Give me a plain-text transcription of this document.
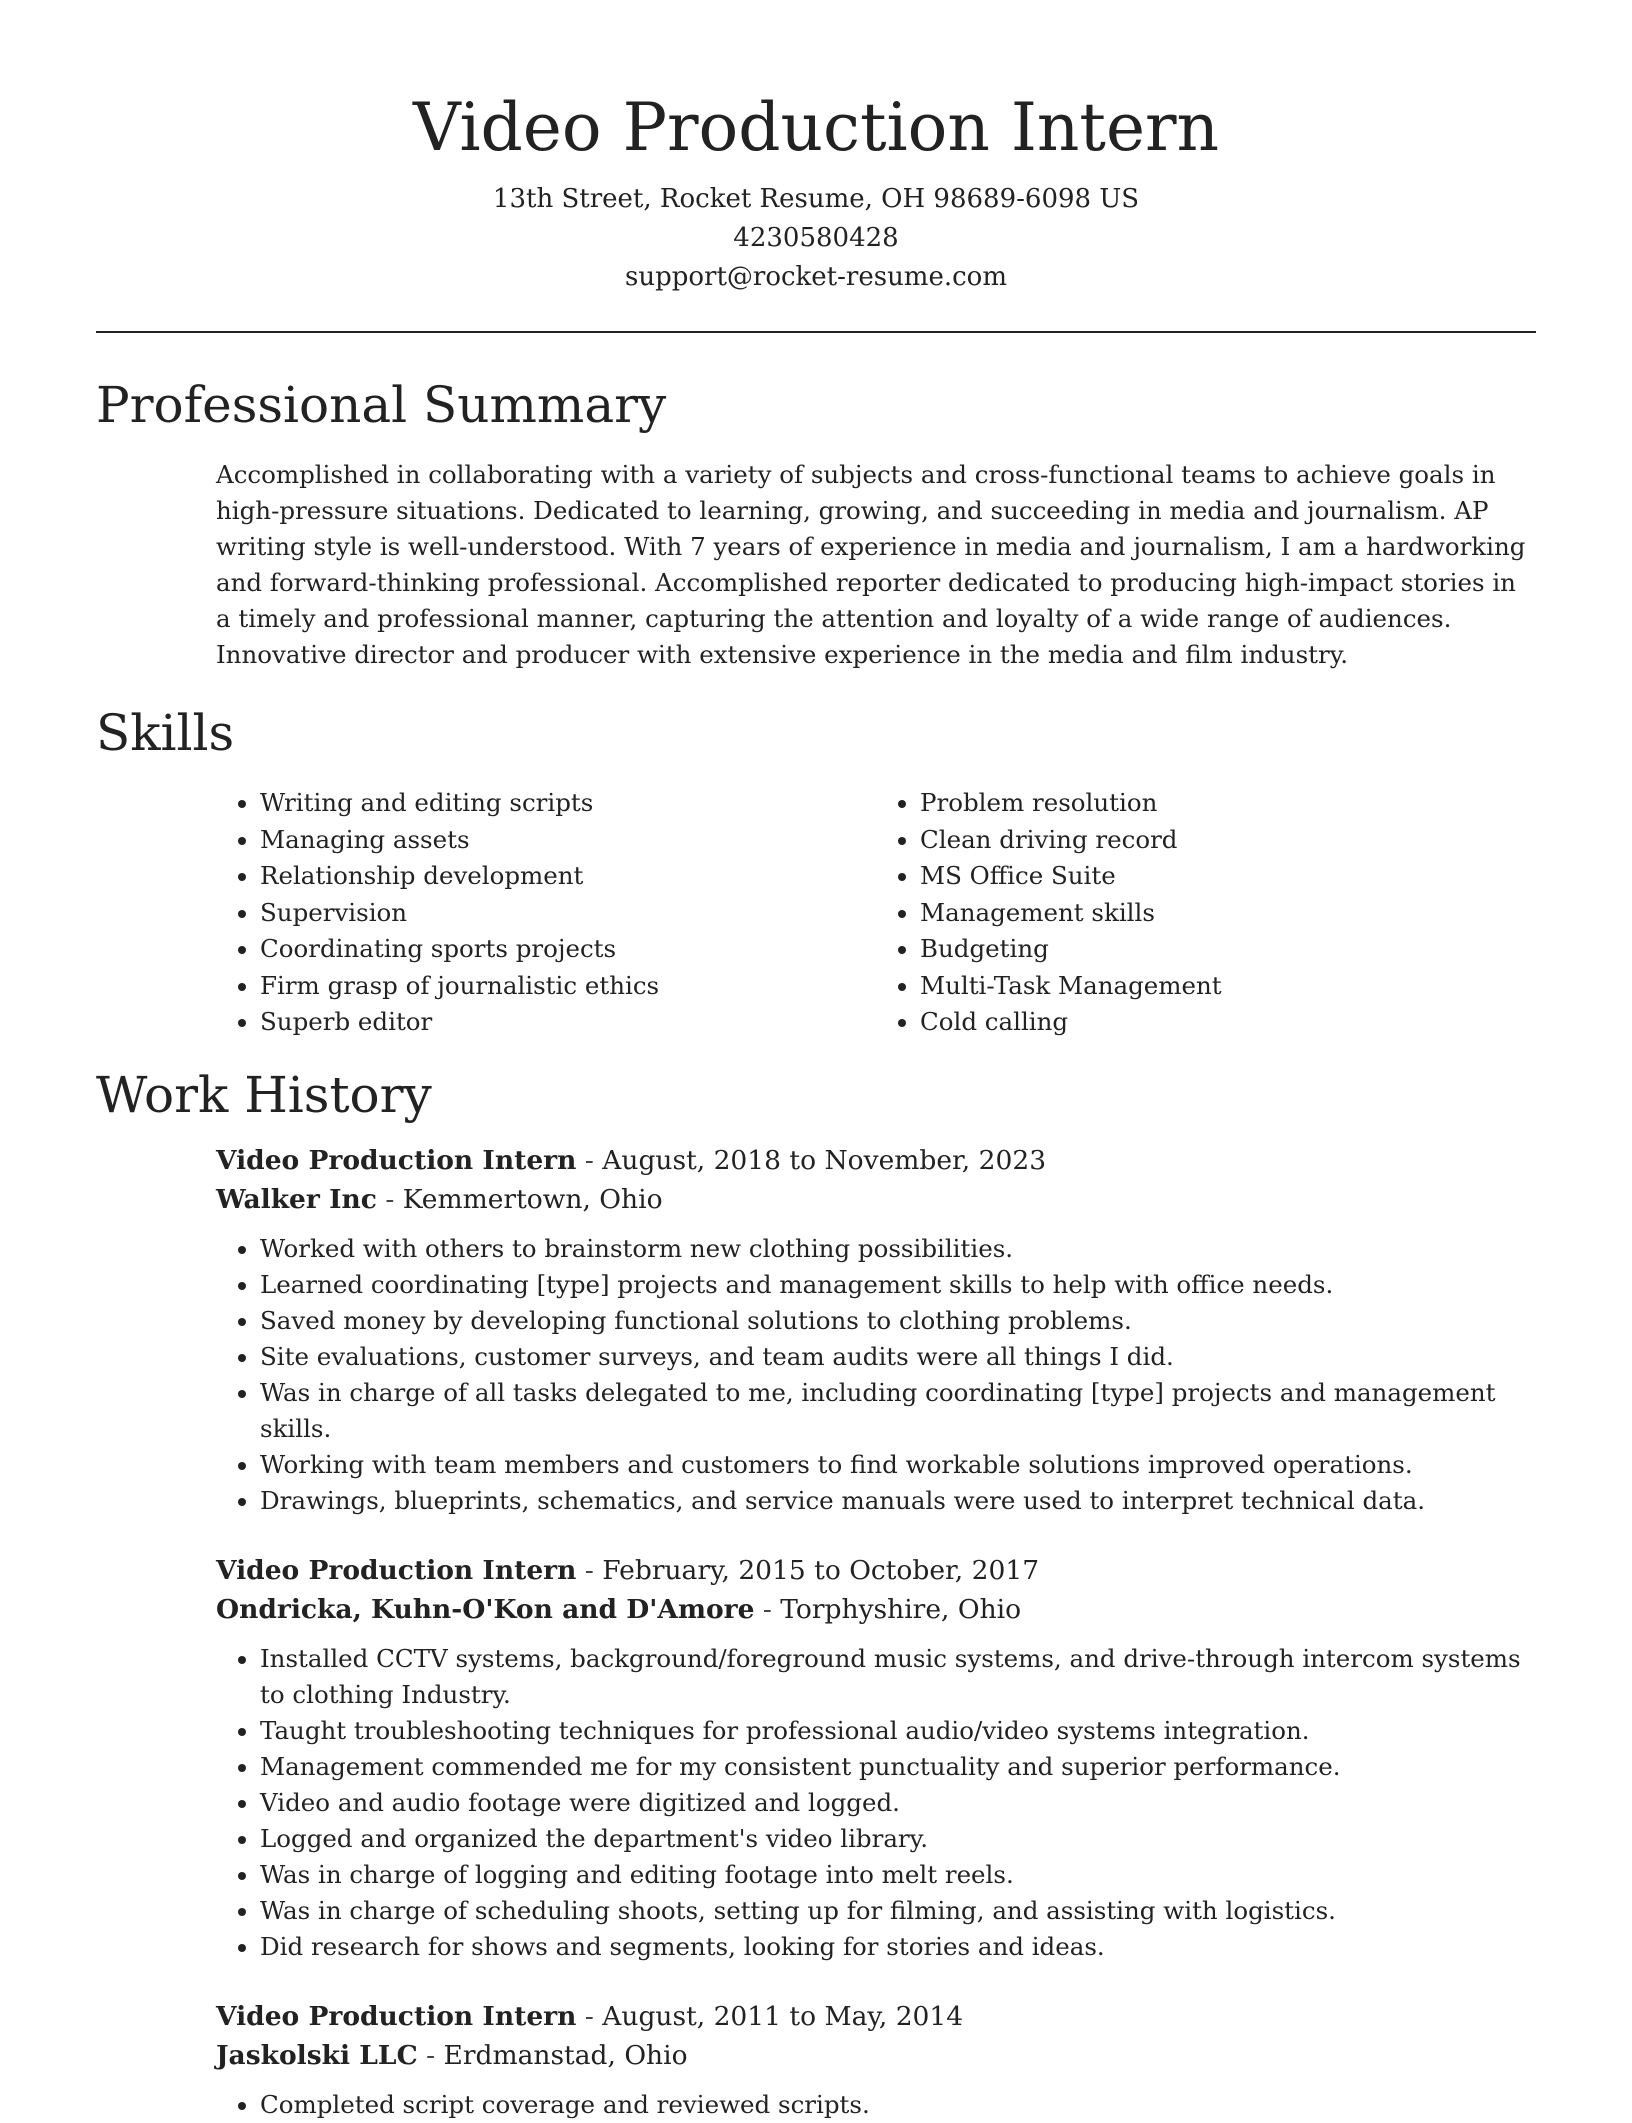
Video Production Intern

13th Street, Rocket Resume, OH 98689-6098 US

4230580428

support@rocket-resume.com

Professional Summary

Accomplished in collaborating with a variety of subjects and cross-functional teams to achieve goals in high-pressure situations. Dedicated to learning, growing, and succeeding in media and journalism. AP writing style is well-understood. With 7 years of experience in media and journalism, I am a hardworking and forward-thinking professional. Accomplished reporter dedicated to producing high-impact stories in a timely and professional manner, capturing the attention and loyalty of a wide range of audiences. Innovative director and producer with extensive experience in the media and film industry.

Skills
• Writing and editing scripts
• Managing assets
• Relationship development
• Supervision
• Coordinating sports projects
• Firm grasp of journalistic ethics
• Superb editor
• Problem resolution
• Clean driving record
• MS Office Suite
• Management skills
• Budgeting
• Multi-Task Management
• Cold calling
Work History

Video Production Intern - August, 2018 to November, 2023

Walker Inc - Kemmertown, Ohio

• Worked with others to brainstorm new clothing possibilities.
• Learned coordinating [type] projects and management skills to help with office needs.
• Saved money by developing functional solutions to clothing problems.
• Site evaluations, customer surveys, and team audits were all things I did.
• Was in charge of all tasks delegated to me, including coordinating [type] projects and management skills.
• Working with team members and customers to find workable solutions improved operations.
• Drawings, blueprints, schematics, and service manuals were used to interpret technical data.

Video Production Intern - February, 2015 to October, 2017

Ondricka, Kuhn-O'Kon and D'Amore - Torphyshire, Ohio

• Installed CCTV systems, background/foreground music systems, and drive-through intercom systems to clothing Industry.
• Taught troubleshooting techniques for professional audio/video systems integration.
• Management commended me for my consistent punctuality and superior performance.
• Video and audio footage were digitized and logged.
• Logged and organized the department's video library.
• Was in charge of logging and editing footage into melt reels.
• Was in charge of scheduling shoots, setting up for filming, and assisting with logistics.
• Did research for shows and segments, looking for stories and ideas.

Video Production Intern - August, 2011 to May, 2014

Jaskolski LLC - Erdmanstad, Ohio

• Completed script coverage and reviewed scripts.
